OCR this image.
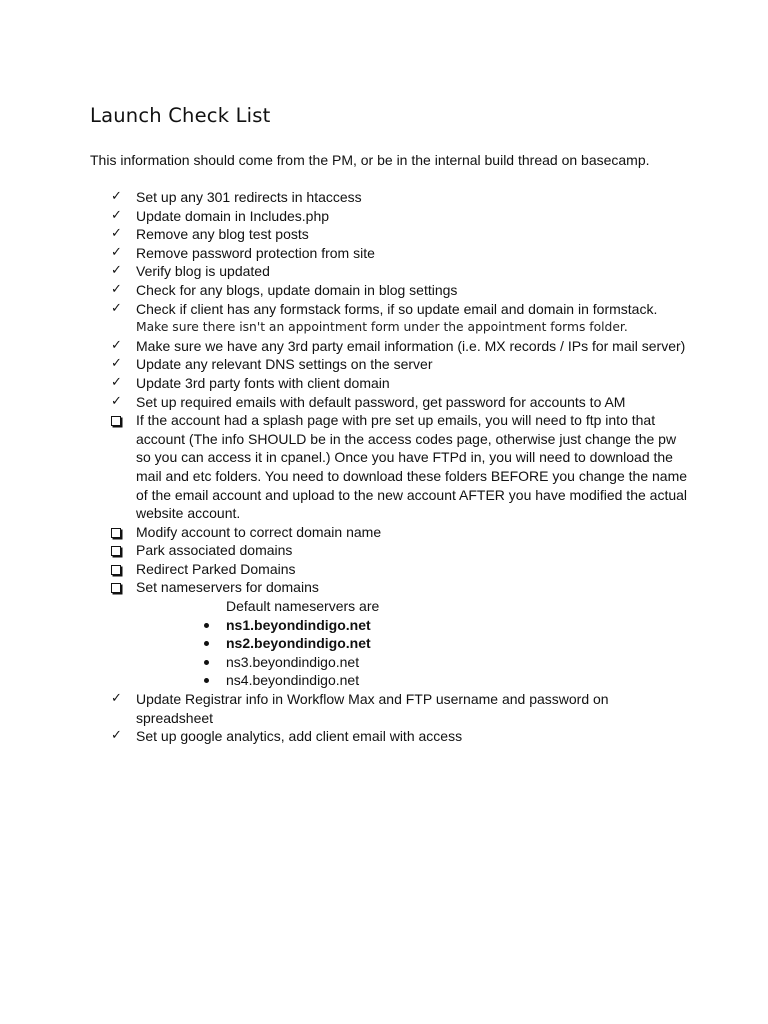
Launch Check List

This information should come from the PM, or be in the internal build thread on basecamp.

✓	Set up any 301 redirects in htaccess
✓	Update domain in Includes.php
✓	Remove any blog test posts
✓	Remove password protection from site
✓	Verify blog is updated
✓	Check for any blogs, update domain in blog settings
✓	Check if client has any formstack forms, if so update email and domain in formstack.
Make sure there isn't an appointment form under the appointment forms folder.
✓	Make sure we have any 3rd party email information (i.e. MX records / IPs for mail server)
✓	Update any relevant DNS settings on the server
✓	Update 3rd party fonts with client domain
✓	Set up required emails with default password, get password for accounts to AM
If the account had a splash page with pre set up emails, you will need to ftp into that account (The info SHOULD be in the access codes page, otherwise just change the pw so you can access it in cpanel.) Once you have FTPd in, you will need to download the mail and etc folders. You need to download these folders BEFORE you change the name of the email account and upload to the new account AFTER you have modified the actual website account.
Modify account to correct domain name
Park associated domains
Redirect Parked Domains
Set nameservers for domains
Default nameservers are
ns1.beyondindigo.net
ns2.beyondindigo.net
ns3.beyondindigo.net
ns4.beyondindigo.net
✓	Update Registrar info in Workflow Max and FTP username and password on spreadsheet
✓	Set up google analytics, add client email with access
